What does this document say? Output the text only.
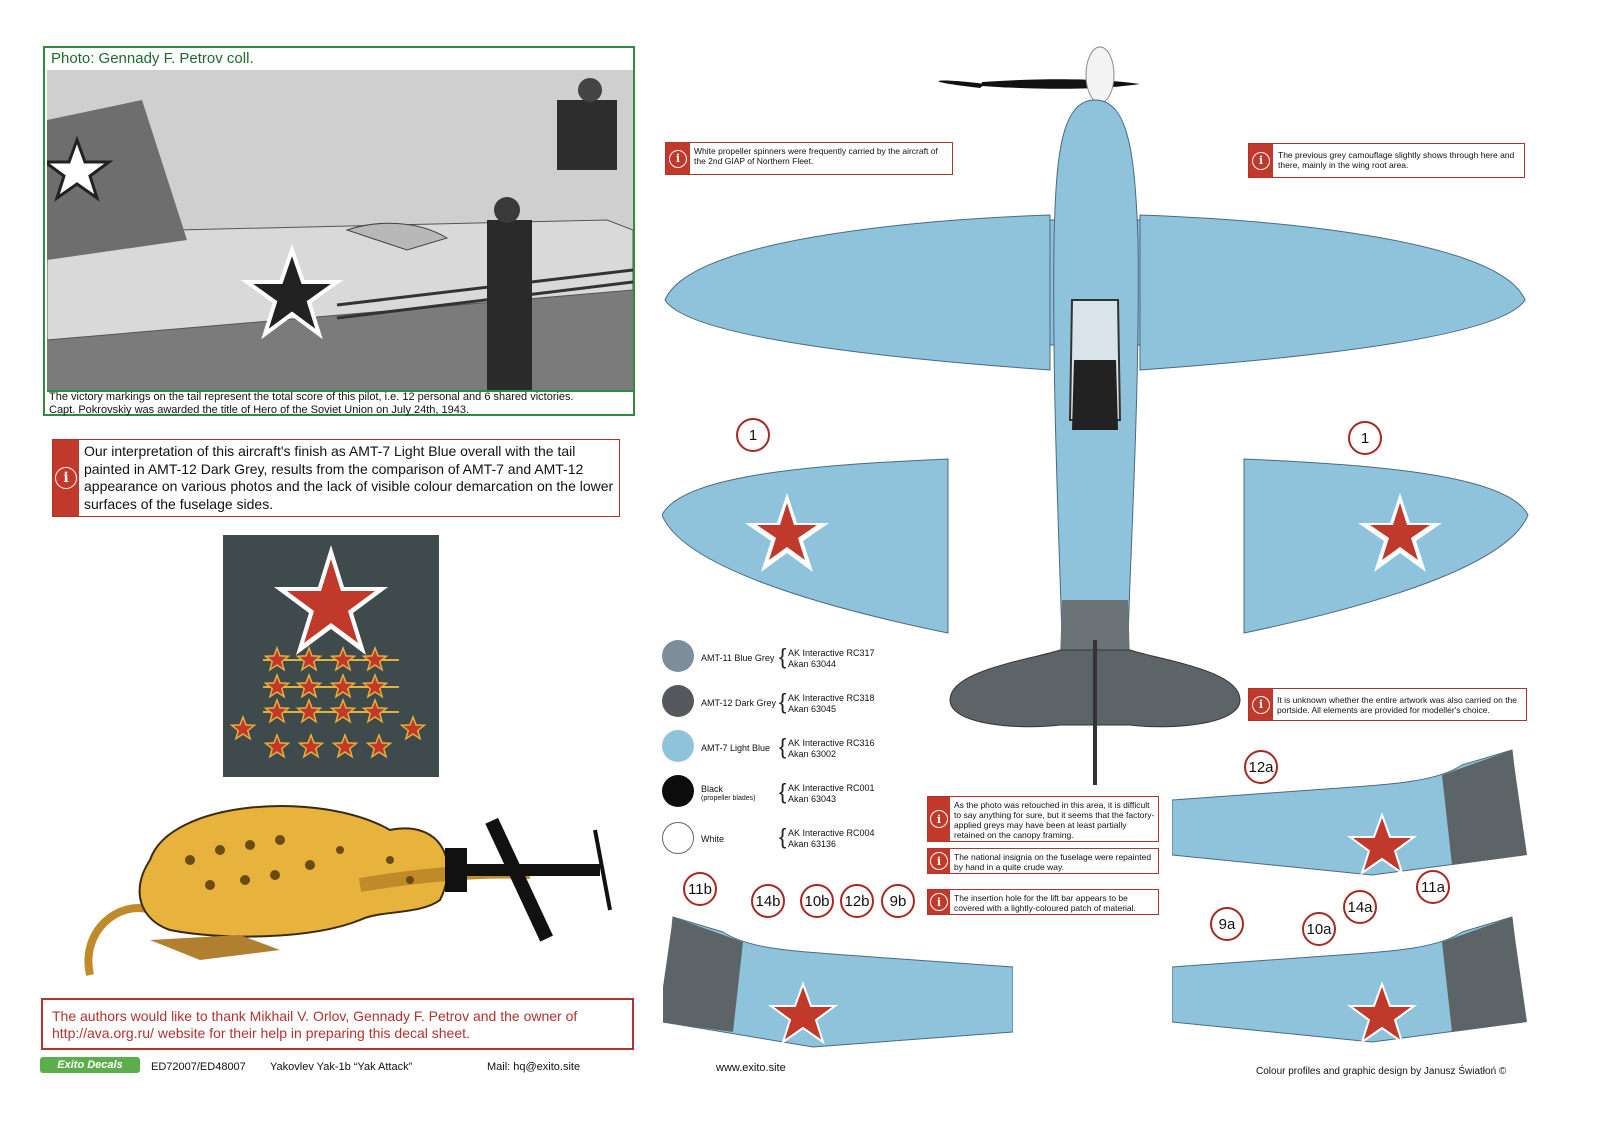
Photo: Gennady F. Petrov coll.
The victory markings on the tail represent the total score of this pilot, i.e. 12 personal and 6 shared victories.
Capt. Pokrovskiy was awarded the title of Hero of the Soviet Union on July 24th, 1943.
i
Our interpretation of this aircraft's finish as AMT-7 Light Blue overall with the tail painted in AMT-12 Dark Grey, results from the comparison of AMT-7 and AMT-12 appearance on various photos and the lack of visible colour demarcation on the lower surfaces of the fuselage sides.
The authors would like to thank Mikhail V. Orlov, Gennady F. Petrov and the owner of http://ava.org.ru/ website for their help in preparing this decal sheet.
Exito Decals	ED72007/ED48007 Yakovlev Yak-1b “Yak Attack”	Mail: hq@exito.site	www.exito.site	Colour profiles and graphic design by Janusz Światłoń ©
1	1
12a
11b
14b 10b 12b 9b
9a	10a
14a
11a
i
White propeller spinners were frequently carried by the aircraft of the 2nd GIAP of Northern Fleet.	i	The previous grey camouflage slightly shows through here and there, mainly in the wing root area.
i	It is unknown whether the entire artwork was also carried on the portside. All elements are provided for modeller's choice.
i
As the photo was retouched in this area, it is difficult to say anything for sure, but it seems that the factory-applied greys may have been at least partially retained on the canopy framing.
i	The national insignia on the fuselage were repainted by hand in a quite crude way.
i	The insertion hole for the lift bar appears to be covered with a lightly-coloured patch of material.
AMT-11 Blue Grey { AK Interactive RC317
Akan 63044
AMT-12 Dark Grey { AK Interactive RC318
Akan 63045
AMT-7 Light Blue { AK Interactive RC316
Akan 63002
Black
(propeller blades)	{ AK Interactive RC001
Akan 63043
White	{ AK Interactive RC004
Akan 63136
